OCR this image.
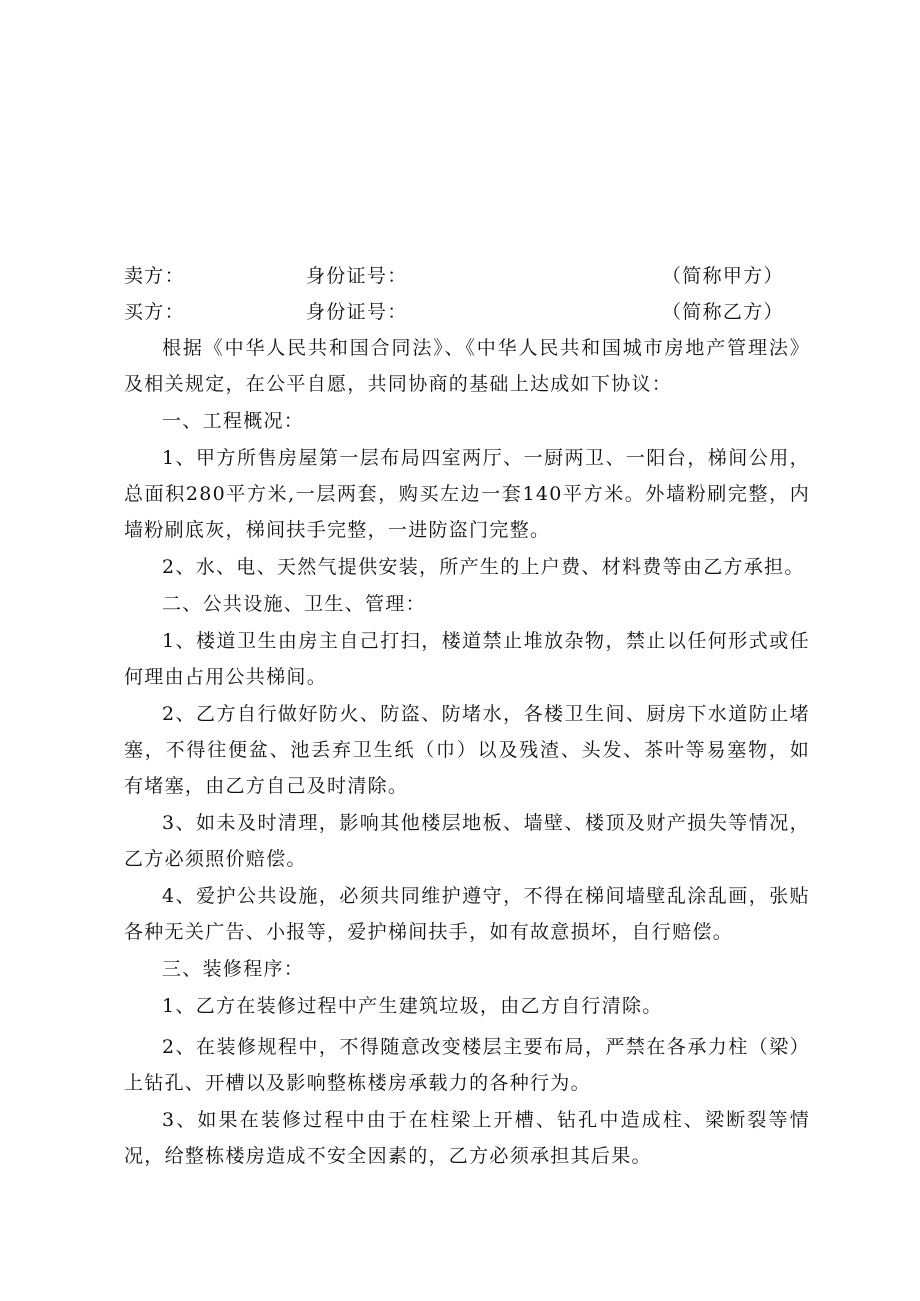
卖方：	身份证号：	（简称甲方）
买方：	身份证号：	（简称乙方）

根据《中华人民共和国合同法》、《中华人民共和国城市房地产管理法》及相关规定，在公平自愿，共同协商的基础上达成如下协议：

一、工程概况：

1、甲方所售房屋第一层布局四室两厅、一厨两卫、一阳台，梯间公用，总面积280平方米,一层两套，购买左边一套140平方米。外墙粉刷完整，内墙粉刷底灰，梯间扶手完整，一进防盗门完整。

2、水、电、天然气提供安装，所产生的上户费、材料费等由乙方承担。

二、公共设施、卫生、管理：

1、楼道卫生由房主自己打扫，楼道禁止堆放杂物，禁止以任何形式或任何理由占用公共梯间。

2、乙方自行做好防火、防盗、防堵水，各楼卫生间、厨房下水道防止堵塞，不得往便盆、池丢弃卫生纸（巾）以及残渣、头发、茶叶等易塞物，如有堵塞，由乙方自己及时清除。

3、如未及时清理，影响其他楼层地板、墙壁、楼顶及财产损失等情况，乙方必须照价赔偿。

4、爱护公共设施，必须共同维护遵守，不得在梯间墙壁乱涂乱画，张贴各种无关广告、小报等，爱护梯间扶手，如有故意损坏，自行赔偿。

三、装修程序：

1、乙方在装修过程中产生建筑垃圾，由乙方自行清除。

2、在装修规程中，不得随意改变楼层主要布局，严禁在各承力柱（梁）上钻孔、开槽以及影响整栋楼房承载力的各种行为。

3、如果在装修过程中由于在柱梁上开槽、钻孔中造成柱、梁断裂等情况，给整栋楼房造成不安全因素的，乙方必须承担其后果。
